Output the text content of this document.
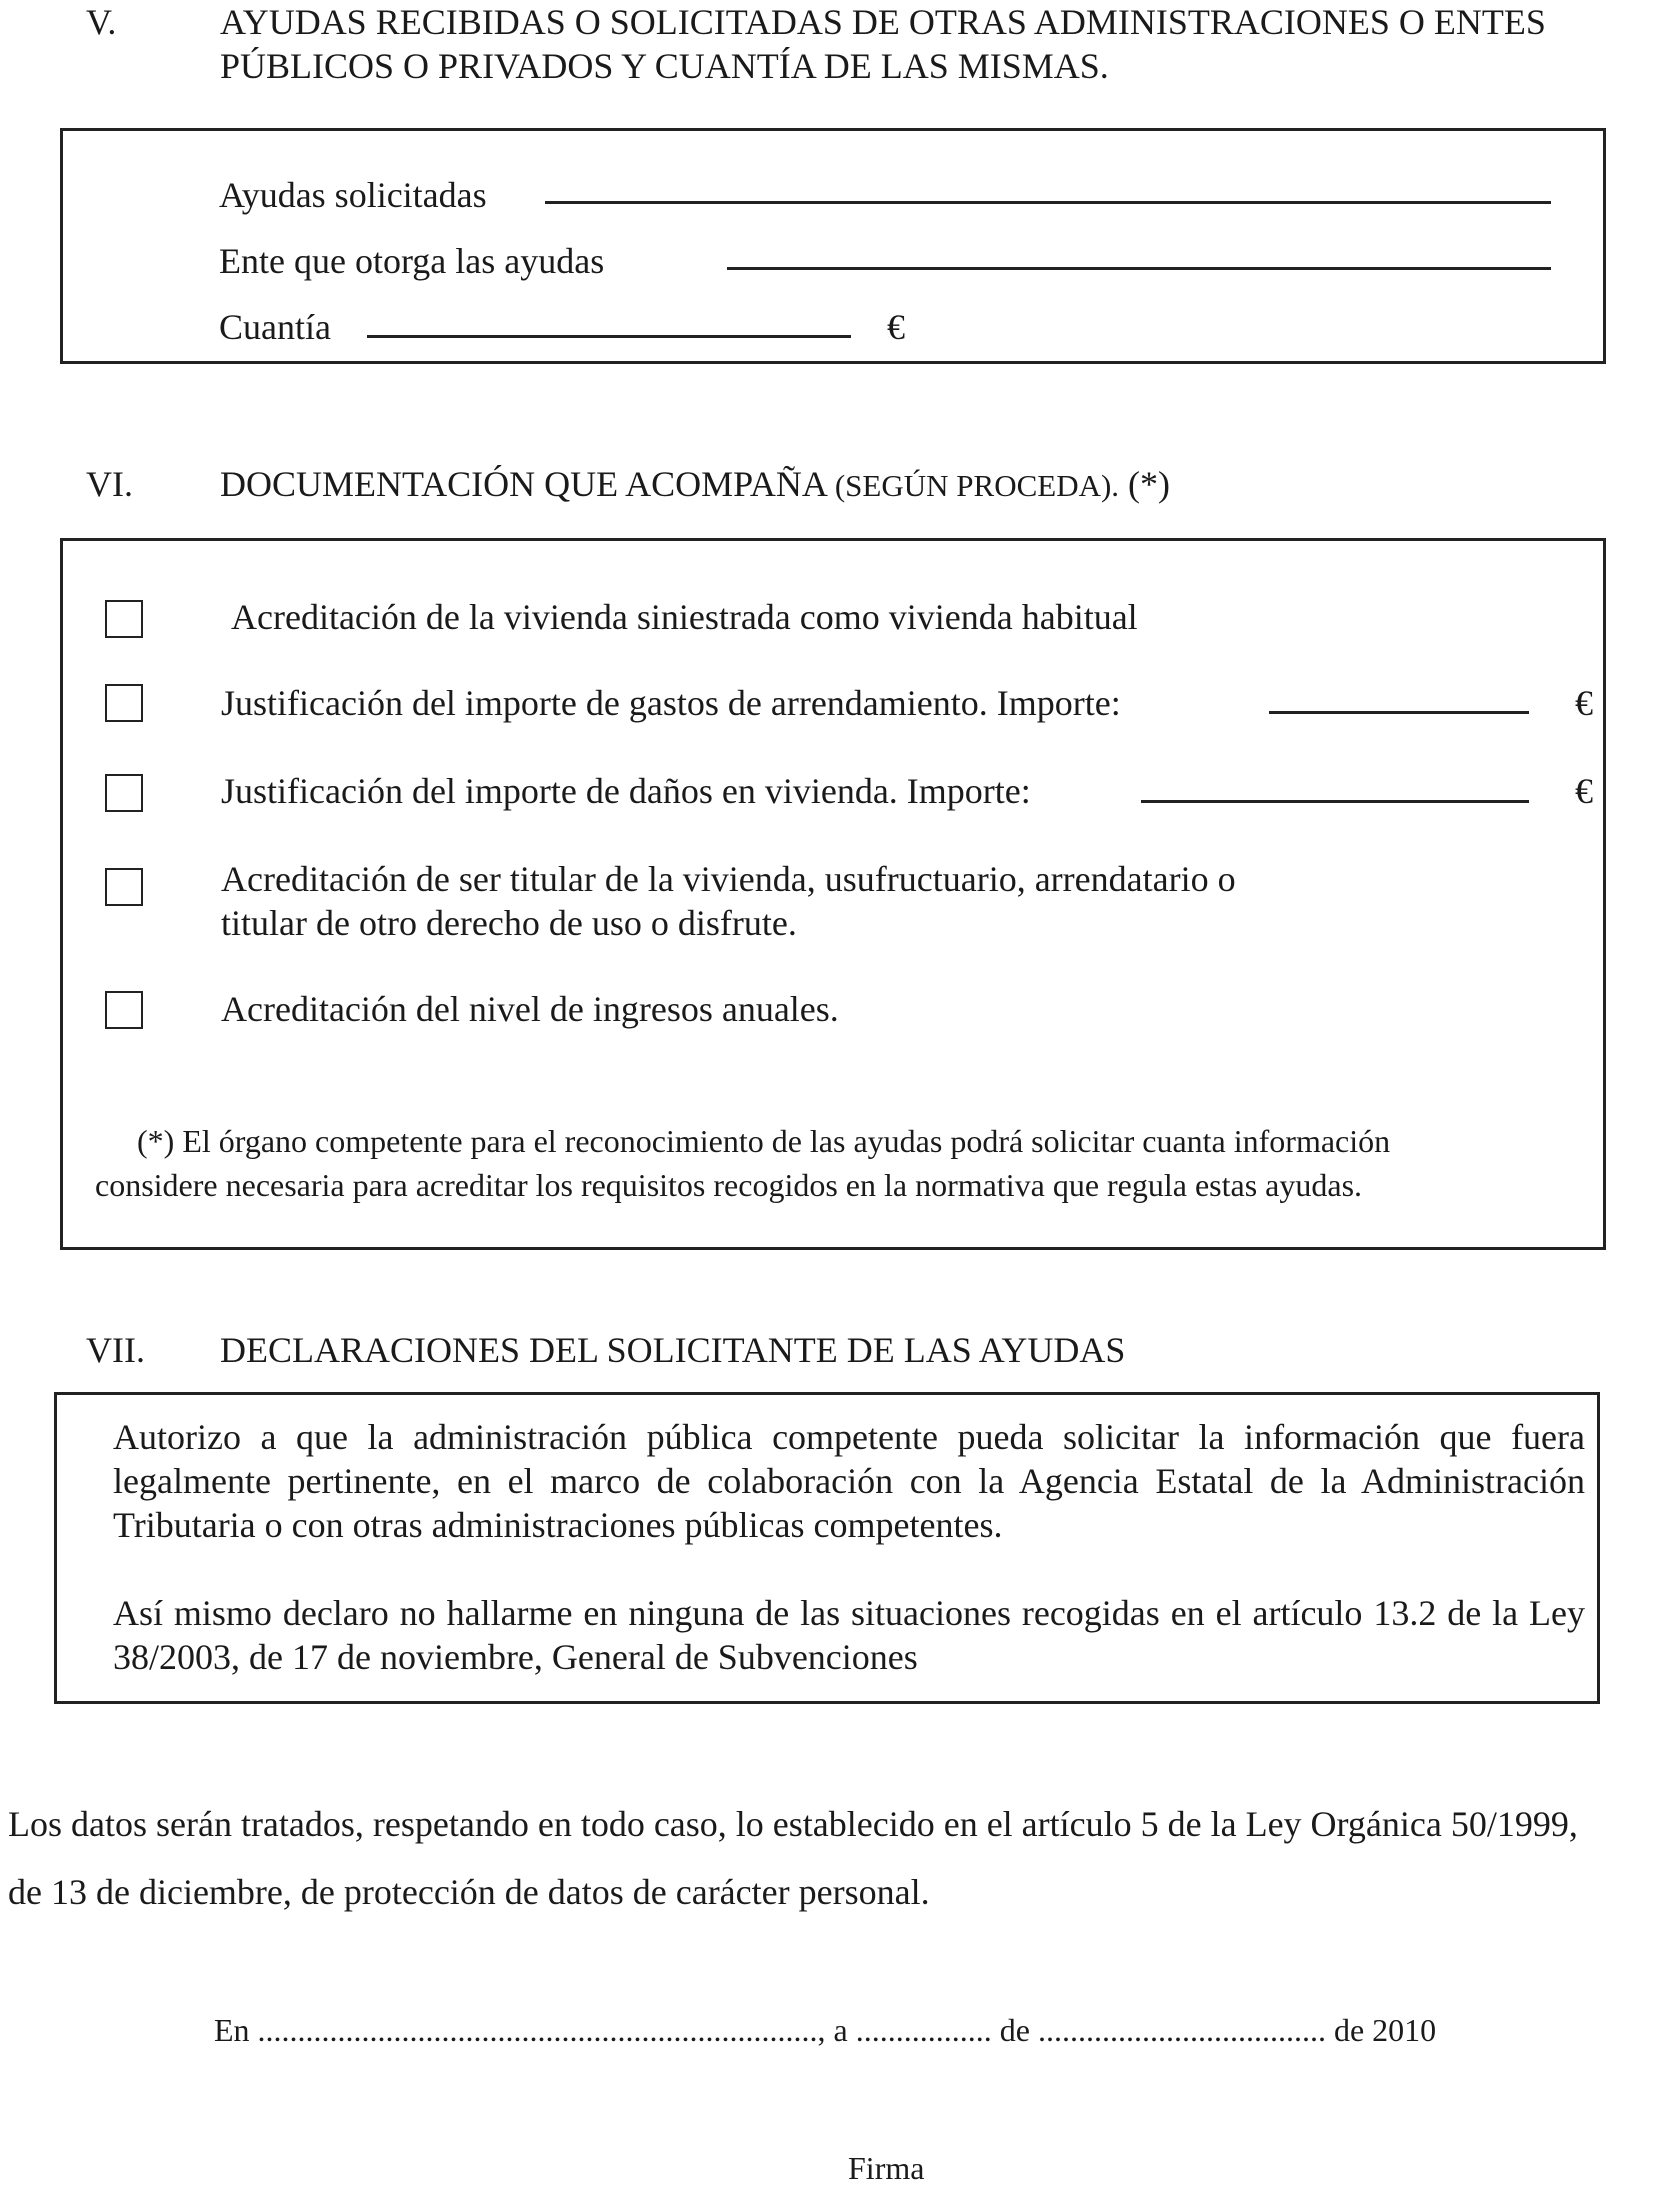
V.	AYUDAS RECIBIDAS O SOLICITADAS DE OTRAS ADMINISTRACIONES O ENTES
PÚBLICOS O PRIVADOS Y CUANTÍA DE LAS MISMAS.
Ayudas solicitadas
Ente que otorga las ayudas
Cuantía	€
VI. DOCUMENTACIÓN QUE ACOMPAÑA (SEGÚN PROCEDA). (*)
Acreditación de la vivienda siniestrada como vivienda habitual
Justificación del importe de gastos de arrendamiento. Importe:	€
Justificación del importe de daños en vivienda. Importe:	€
Acreditación de ser titular de la vivienda, usufructuario, arrendatario o
titular de otro derecho de uso o disfrute.
Acreditación del nivel de ingresos anuales.
(*) El órgano competente para el reconocimiento de las ayudas podrá solicitar cuanta información
considere necesaria para acreditar los requisitos recogidos en la normativa que regula estas ayudas.
VII. DECLARACIONES DEL SOLICITANTE DE LAS AYUDAS
Autorizo a que la administración pública competente pueda solicitar la información que fuera legalmente pertinente, en el marco de colaboración con la Agencia Estatal de la Administración Tributaria o con otras administraciones públicas competentes.
Así mismo declaro no hallarme en ninguna de las situaciones recogidas en el artículo 13.2 de la Ley 38/2003, de 17 de noviembre, General de Subvenciones
Los datos serán tratados, respetando en todo caso, lo establecido en el artículo 5 de la Ley Orgánica 50/1999,
de 13 de diciembre, de protección de datos de carácter personal.
En ......................................................................, a ................. de .................................... de 2010
Firma
